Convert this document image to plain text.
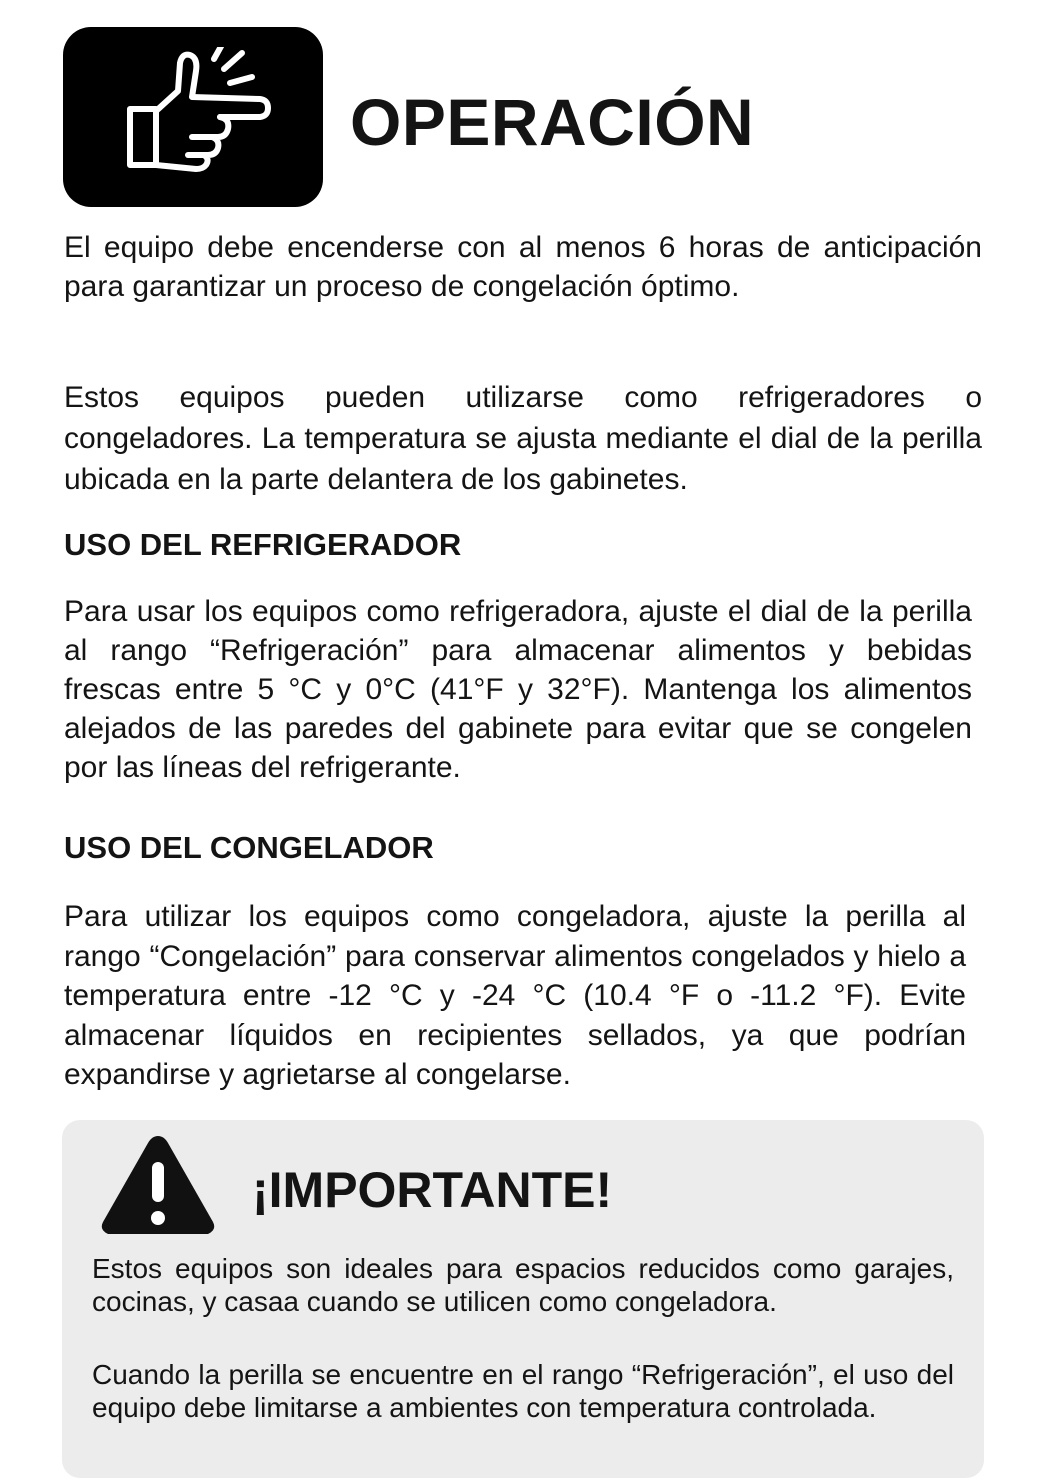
OPERACIÓN

El equipo debe encenderse con al menos 6 horas de anticipación para garantizar un proceso de congelación óptimo.

Estos equipos pueden utilizarse como refrigeradores o congeladores. La temperatura se ajusta mediante el dial de la perilla ubicada en la parte delantera de los gabinetes.

USO DEL REFRIGERADOR

Para usar los equipos como refrigeradora, ajuste el dial de la perilla al rango “Refrigeración” para almacenar alimentos y bebidas frescas entre 5 °C y 0°C (41°F y 32°F). Mantenga los alimentos alejados de las paredes del gabinete para evitar que se congelen por las líneas del refrigerante.

USO DEL CONGELADOR

Para utilizar los equipos como congeladora, ajuste la perilla al rango “Congelación” para conservar alimentos congelados y hielo a temperatura entre -12 °C y -24 °C (10.4 °F o -11.2 °F). Evite almacenar líquidos en recipientes sellados, ya que podrían expandirse y agrietarse al congelarse.

¡IMPORTANTE!

Estos equipos son ideales para espacios reducidos como garajes, cocinas, y casaa cuando se utilicen como congeladora.

Cuando la perilla se encuentre en el rango “Refrigeración”, el uso del equipo debe limitarse a ambientes con temperatura controlada.
